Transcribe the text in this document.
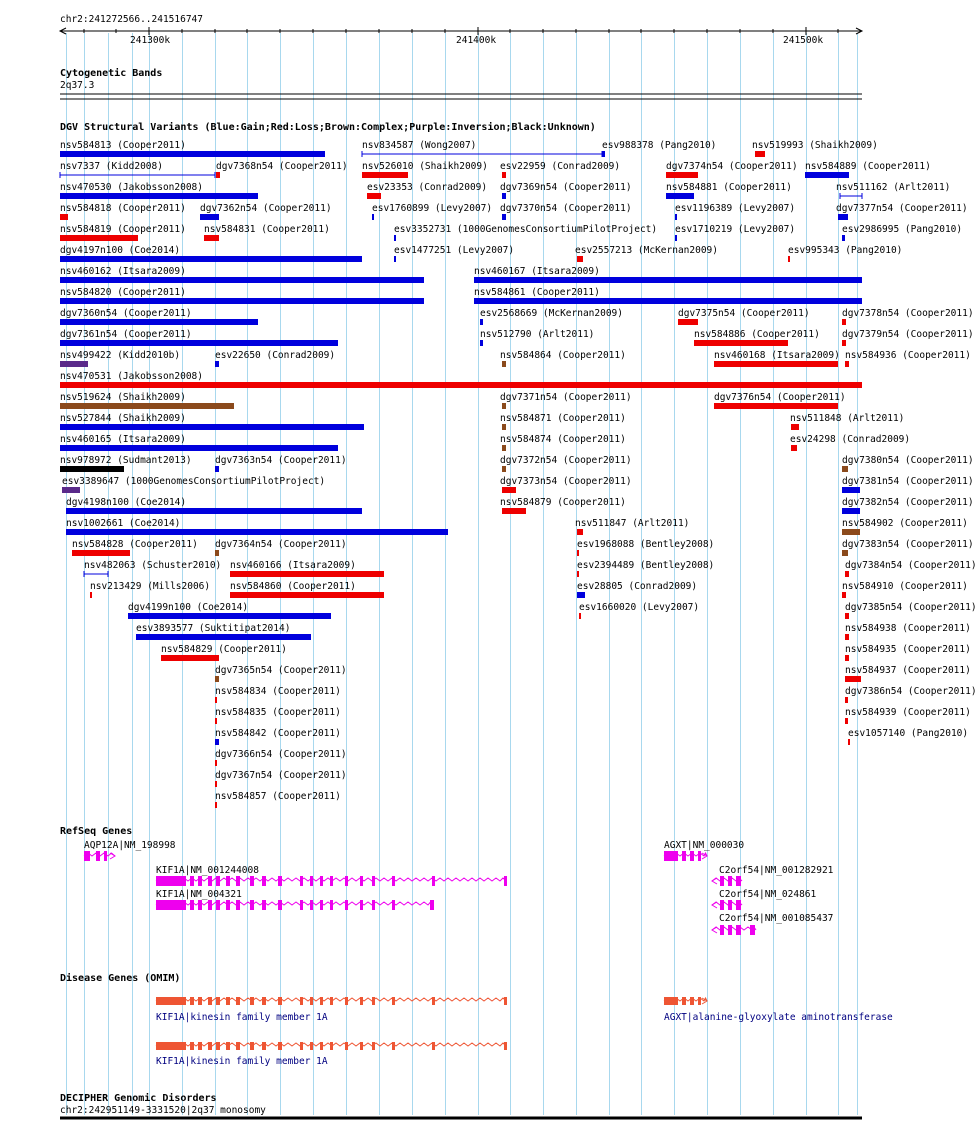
chr2:241272566..241516747
241300k	241400k	241500k
Cytogenetic Bands
2q37.3
DGV Structural Variants (Blue:Gain;Red:Loss;Brown:Complex;Purple:Inversion;Black:Unknown)
nsv584813 (Cooper2011)	nsv834587 (Wong2007)	esv988378 (Pang2010)	nsv519993 (Shaikh2009)
nsv7337 (Kidd2008)	dgv7368n54 (Cooper2011) nsv526010 (Shaikh2009) esv22959 (Conrad2009)	dgv7374n54 (Cooper2011) nsv584889 (Cooper2011)
nsv470530 (Jakobsson2008)	esv23353 (Conrad2009) dgv7369n54 (Cooper2011)	nsv584881 (Cooper2011)	nsv511162 (Arlt2011)
nsv584818 (Cooper2011) dgv7362n54 (Cooper2011)	esv1760899 (Levy2007) dgv7370n54 (Cooper2011)	esv1196389 (Levy2007)	dgv7377n54 (Cooper2011)
nsv584819 (Cooper2011) nsv584831 (Cooper2011)	esv3352731 (1000GenomesConsortiumPilotProject) esv1710219 (Levy2007)	esv2986995 (Pang2010)
dgv4197n100 (Coe2014)	esv1477251 (Levy2007)	esv2557213 (McKernan2009)	esv995343 (Pang2010)
nsv460162 (Itsara2009)	nsv460167 (Itsara2009)
nsv584820 (Cooper2011)	nsv584861 (Cooper2011)
dgv7360n54 (Cooper2011)	esv2568669 (McKernan2009)	dgv7375n54 (Cooper2011)	dgv7378n54 (Cooper2011)
dgv7361n54 (Cooper2011)	nsv512790 (Arlt2011)	nsv584886 (Cooper2011) dgv7379n54 (Cooper2011)
nsv499422 (Kidd2010b)	esv22650 (Conrad2009)	nsv584864 (Cooper2011)	nsv460168 (Itsara2009) nsv584936 (Cooper2011)
nsv470531 (Jakobsson2008)
nsv519624 (Shaikh2009)	dgv7371n54 (Cooper2011)	dgv7376n54 (Cooper2011)
nsv527844 (Shaikh2009)	nsv584871 (Cooper2011)	nsv511848 (Arlt2011)
nsv460165 (Itsara2009)	nsv584874 (Cooper2011)	esv24298 (Conrad2009)
nsv978972 (Sudmant2013) dgv7363n54 (Cooper2011)	dgv7372n54 (Cooper2011)	dgv7380n54 (Cooper2011)
esv3389647 (1000GenomesConsortiumPilotProject)	dgv7373n54 (Cooper2011)	dgv7381n54 (Cooper2011)
dgv4198n100 (Coe2014)	nsv584879 (Cooper2011)	dgv7382n54 (Cooper2011)
nsv1002661 (Coe2014)	nsv511847 (Arlt2011)	nsv584902 (Cooper2011)
nsv584828 (Cooper2011) dgv7364n54 (Cooper2011)	esv1968088 (Bentley2008)	dgv7383n54 (Cooper2011)
nsv482063 (Schuster2010) nsv460166 (Itsara2009)	esv2394489 (Bentley2008)	dgv7384n54 (Cooper2011)
nsv213429 (Mills2006) nsv584860 (Cooper2011)	esv28805 (Conrad2009)	nsv584910 (Cooper2011)
dgv4199n100 (Coe2014)	esv1660020 (Levy2007)	dgv7385n54 (Cooper2011)
esv3893577 (Suktitipat2014)	nsv584938 (Cooper2011)
nsv584829 (Cooper2011)	nsv584935 (Cooper2011)
dgv7365n54 (Cooper2011)	nsv584937 (Cooper2011)
nsv584834 (Cooper2011)	dgv7386n54 (Cooper2011)
nsv584835 (Cooper2011)	nsv584939 (Cooper2011)
nsv584842 (Cooper2011)	esv1057140 (Pang2010)
dgv7366n54 (Cooper2011)
dgv7367n54 (Cooper2011)
nsv584857 (Cooper2011)
RefSeq Genes
AQP12A|NM_198998
KIF1A|NM_001244008
KIF1A|NM_004321
AGXT|NM_000030
C2orf54|NM_001282921
C2orf54|NM_024861
C2orf54|NM_001085437
Disease Genes (OMIM)
KIF1A|kinesin family member 1A
KIF1A|kinesin family member 1A
AGXT|alanine-glyoxylate aminotransferase
DECIPHER Genomic Disorders
chr2:242951149-3331520|2q37 monosomy
